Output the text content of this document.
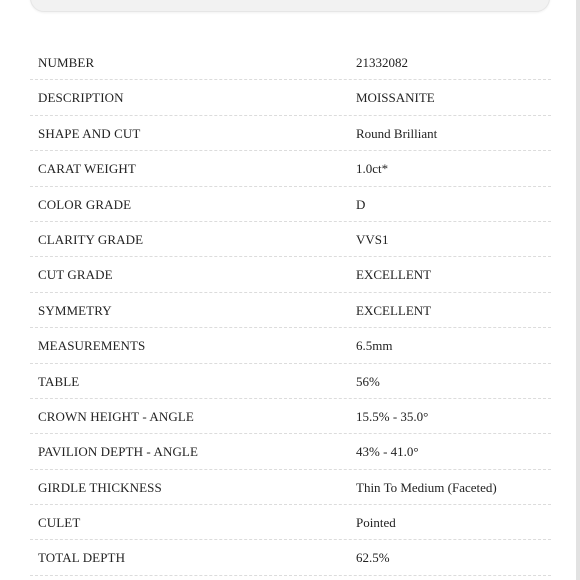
NUMBER	21332082
DESCRIPTION	MOISSANITE
SHAPE AND CUT	Round Brilliant
CARAT WEIGHT	1.0ct*
COLOR GRADE	D
CLARITY GRADE	VVS1
CUT GRADE	EXCELLENT
SYMMETRY	EXCELLENT
MEASUREMENTS	6.5mm
TABLE	56%
CROWN HEIGHT - ANGLE	15.5% - 35.0°
PAVILION DEPTH - ANGLE	43% - 41.0°
GIRDLE THICKNESS	Thin To Medium (Faceted)
CULET	Pointed
TOTAL DEPTH	62.5%
